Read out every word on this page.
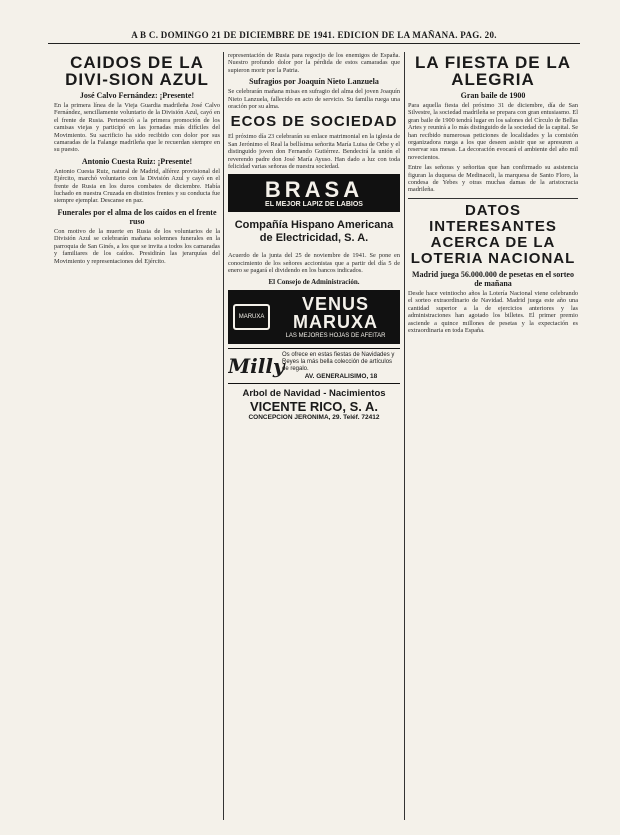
A B C. DOMINGO 21 DE DICIEMBRE DE 1941. EDICION DE LA MAÑANA. PAG. 20.
CAIDOS DE LA DIVI-SION AZUL
José Calvo Fernández: ¡Presente!

En la primera línea de la Vieja Guardia madrileña José Calvo Fernández, sencillamente voluntario de la División Azul, cayó en el frente de Rusia. Perteneció a la primera promoción de los camisas viejas y participó en las jornadas más difíciles del Movimiento. Su sacrificio ha sido recibido con dolor por sus camaradas de la Falange madrileña que le recuerdan siempre en su puesto.

Antonio Cuesta Ruiz: ¡Presente!

Antonio Cuesta Ruiz, natural de Madrid, alférez provisional del Ejército, marchó voluntario con la División Azul y cayó en el frente de Rusia en los duros combates de diciembre. Había luchado en nuestra Cruzada en distintos frentes y su conducta fue siempre ejemplar. Descanse en paz.

Funerales por el alma de los caídos en el frente ruso

Con motivo de la muerte en Rusia de los voluntarios de la División Azul se celebrarán mañana solemnes funerales en la parroquia de San Ginés, a los que se invita a todos los camaradas y familiares de los caídos. Presidirán las jerarquías del Movimiento y representaciones del Ejército.

representación de Rusia para regocijo de los enemigos de España. Nuestro profundo dolor por la pérdida de estos camaradas que supieron morir por la Patria.

Sufragios por Joaquín Nieto Lanzuela

Se celebrarán mañana misas en sufragio del alma del joven Joaquín Nieto Lanzuela, fallecido en acto de servicio. Su familia ruega una oración por su alma.

ECOS DE SOCIEDAD

El próximo día 23 celebrarán su enlace matrimonial en la iglesia de San Jerónimo el Real la bellísima señorita María Luisa de Orbe y el distinguido joven don Fernando Gutiérrez. Bendecirá la unión el reverendo padre don José María Ayuso. Han dado a luz con toda felicidad varias señoras de nuestra sociedad.

BRASA
EL MEJOR LAPIZ DE LABIOS
Compañía Hispano Americana de Electricidad, S. A.

Acuerdo de la junta del 25 de noviembre de 1941. Se pone en conocimiento de los señores accionistas que a partir del día 5 de enero se pagará el dividendo en los bancos indicados.

El Consejo de Administración.
MARUXA
VENUS MARUXA
LAS MEJORES HOJAS DE AFEITAR
Milly
Os ofrece en estas fiestas de Navidades y Reyes la más bella colección de artículos de regalo.
AV. GENERALISIMO, 18
Arbol de Navidad - Nacimientos
VICENTE RICO, S. A.
CONCEPCION JERONIMA, 29. Teléf. 72412
LA FIESTA DE LA ALEGRIA
Gran baile de 1900

Para aquella fiesta del próximo 31 de diciembre, día de San Silvestre, la sociedad madrileña se prepara con gran entusiasmo. El gran baile de 1900 tendrá lugar en los salones del Círculo de Bellas Artes y reunirá a lo más distinguido de la sociedad de la capital. Se han recibido numerosas peticiones de localidades y la comisión organizadora ruega a los que deseen asistir que se apresuren a reservar sus mesas. La decoración evocará el ambiente del año mil novecientos.

Entre las señoras y señoritas que han confirmado su asistencia figuran la duquesa de Medinaceli, la marquesa de Santo Floro, la condesa de Yebes y otras muchas damas de la aristocracia madrileña.

DATOS INTERESANTES ACERCA DE LA LOTERIA NACIONAL
Madrid juega 56.000.000 de pesetas en el sorteo de mañana

Desde hace veintiocho años la Lotería Nacional viene celebrando el sorteo extraordinario de Navidad. Madrid juega este año una cantidad superior a la de ejercicios anteriores y las administraciones han agotado los billetes. El primer premio asciende a quince millones de pesetas y la expectación es extraordinaria en toda España.
